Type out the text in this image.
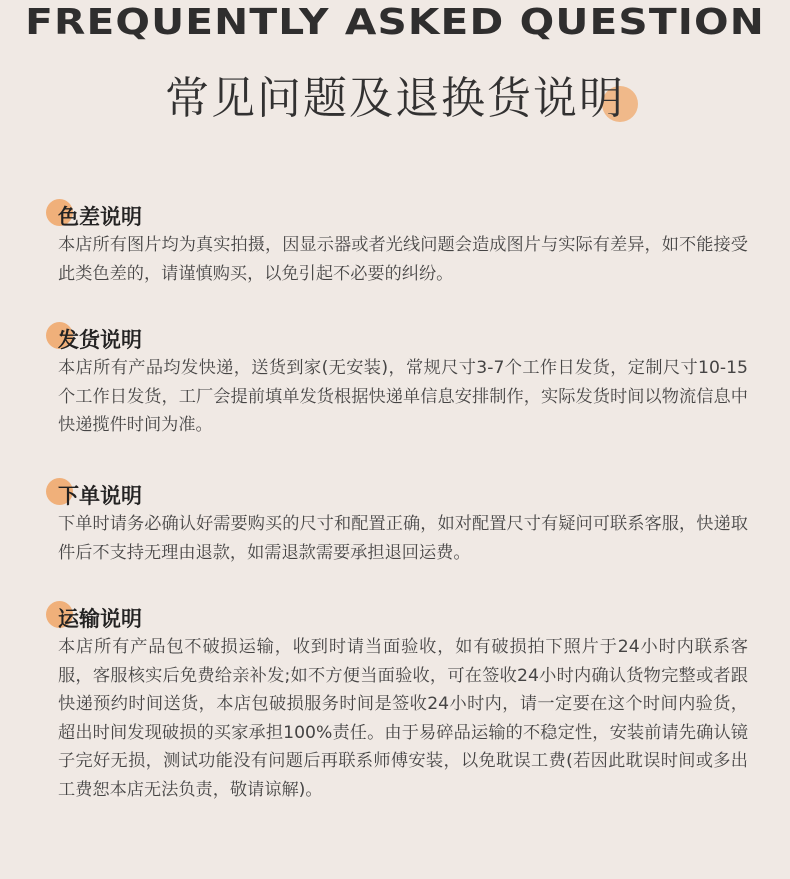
FREQUENTLY ASKED QUESTION
常见问题及退换货说明
色差说明

本店所有图片均为真实拍摄，因显示器或者光线问题会造成图片与实际有差异，如不能接受此类色差的，请谨慎购买，以免引起不必要的纠纷。

发货说明

本店所有产品均发快递，送货到家(无安装)，常规尺寸3-7个工作日发货，定制尺寸10-15个工作日发货，工厂会提前填单发货根据快递单信息安排制作，实际发货时间以物流信息中快递揽件时间为准。

下单说明

下单时请务必确认好需要购买的尺寸和配置正确，如对配置尺寸有疑问可联系客服，快递取件后不支持无理由退款，如需退款需要承担退回运费。

运输说明

本店所有产品包不破损运输，收到时请当面验收，如有破损拍下照片于24小时内联系客服，客服核实后免费给亲补发;如不方便当面验收，可在签收24小时内确认货物完整或者跟快递预约时间送货，本店包破损服务时间是签收24小时内，请一定要在这个时间内验货，超出时间发现破损的买家承担100%责任。由于易碎品运输的不稳定性，安装前请先确认镜子完好无损，测试功能没有问题后再联系师傅安装，以免耽误工费(若因此耽误时间或多出工费恕本店无法负责，敬请谅解)。
